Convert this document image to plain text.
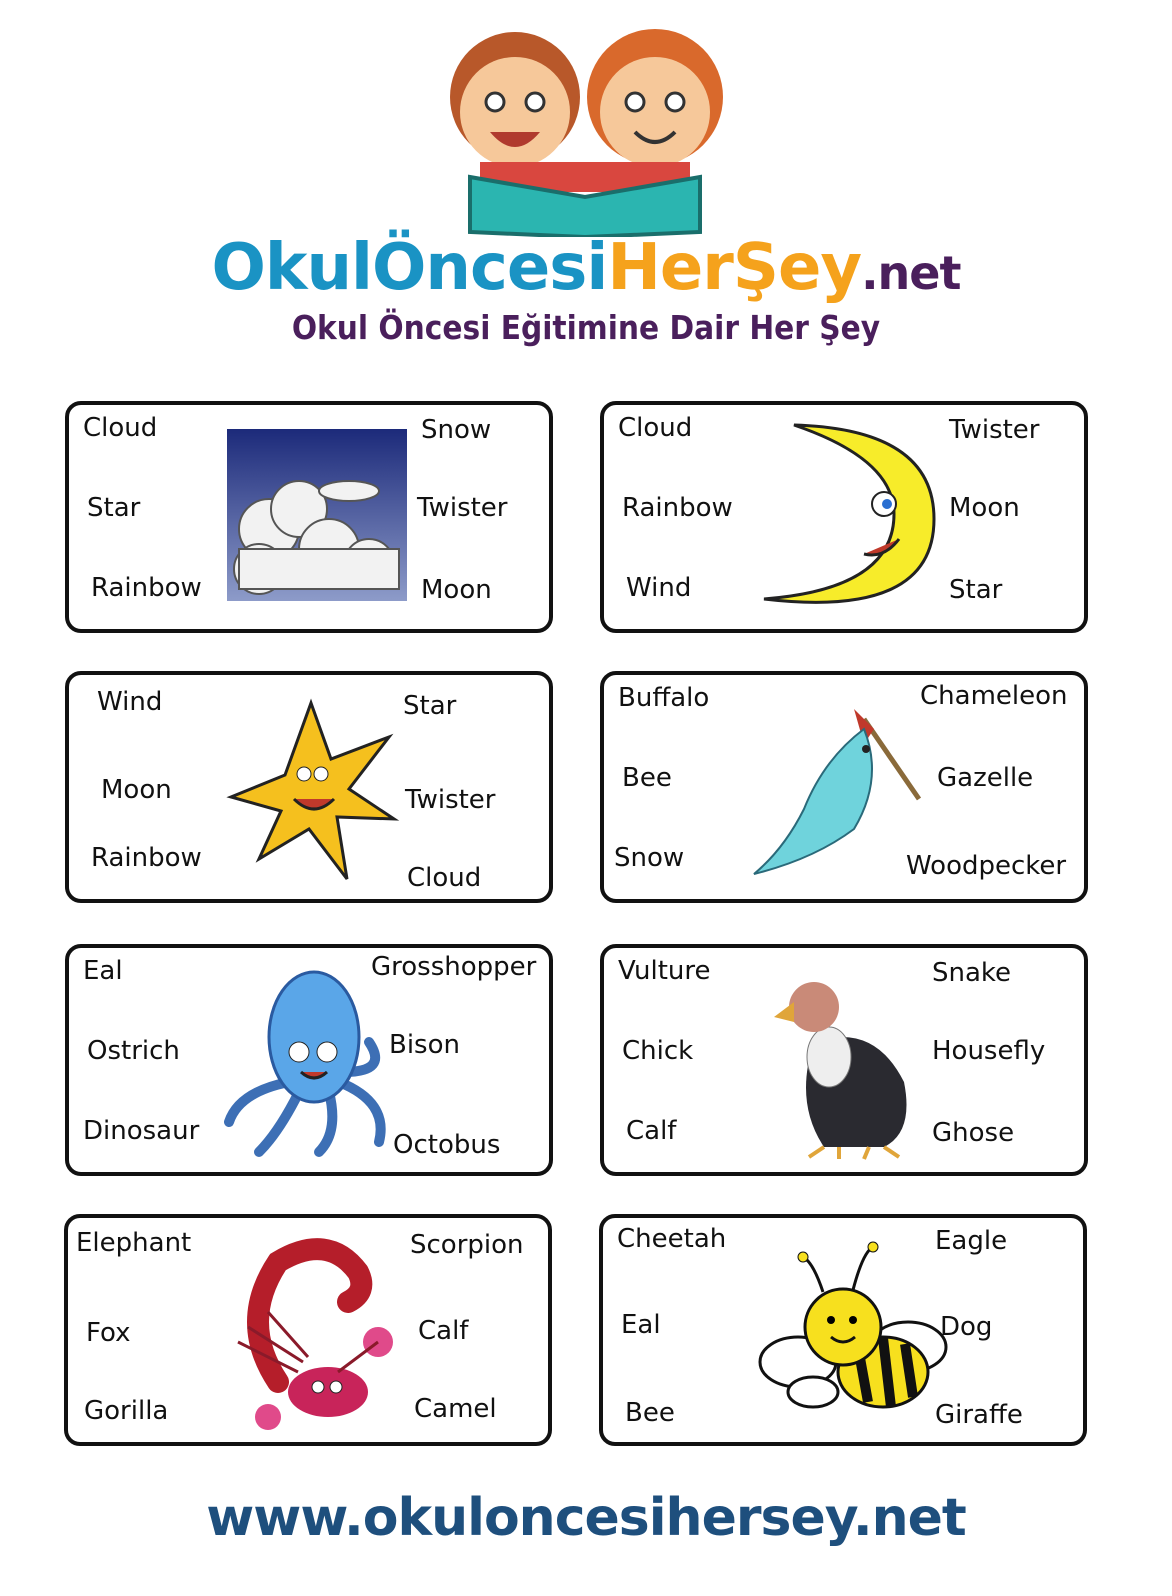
OkulÖncesiHerŞey.net
Okul Öncesi Eğitimine Dair Her Şey
Cloud
Star
Rainbow
Snow
Twister
Moon
Cloud
Rainbow
Wind
Twister
Moon
Star
Wind
Moon
Rainbow
Star
Twister
Cloud
Buffalo
Bee
Snow
Chameleon
Gazelle
Woodpecker
Eal
Ostrich
Dinosaur
Grosshopper
Bison
Octobus
Vulture
Chick
Calf
Snake
Housefly
Ghose
Elephant
Fox
Gorilla
Scorpion
Calf
Camel
Cheetah
Eal
Bee
Eagle
Dog
Giraffe
www.okuloncesihersey.net
